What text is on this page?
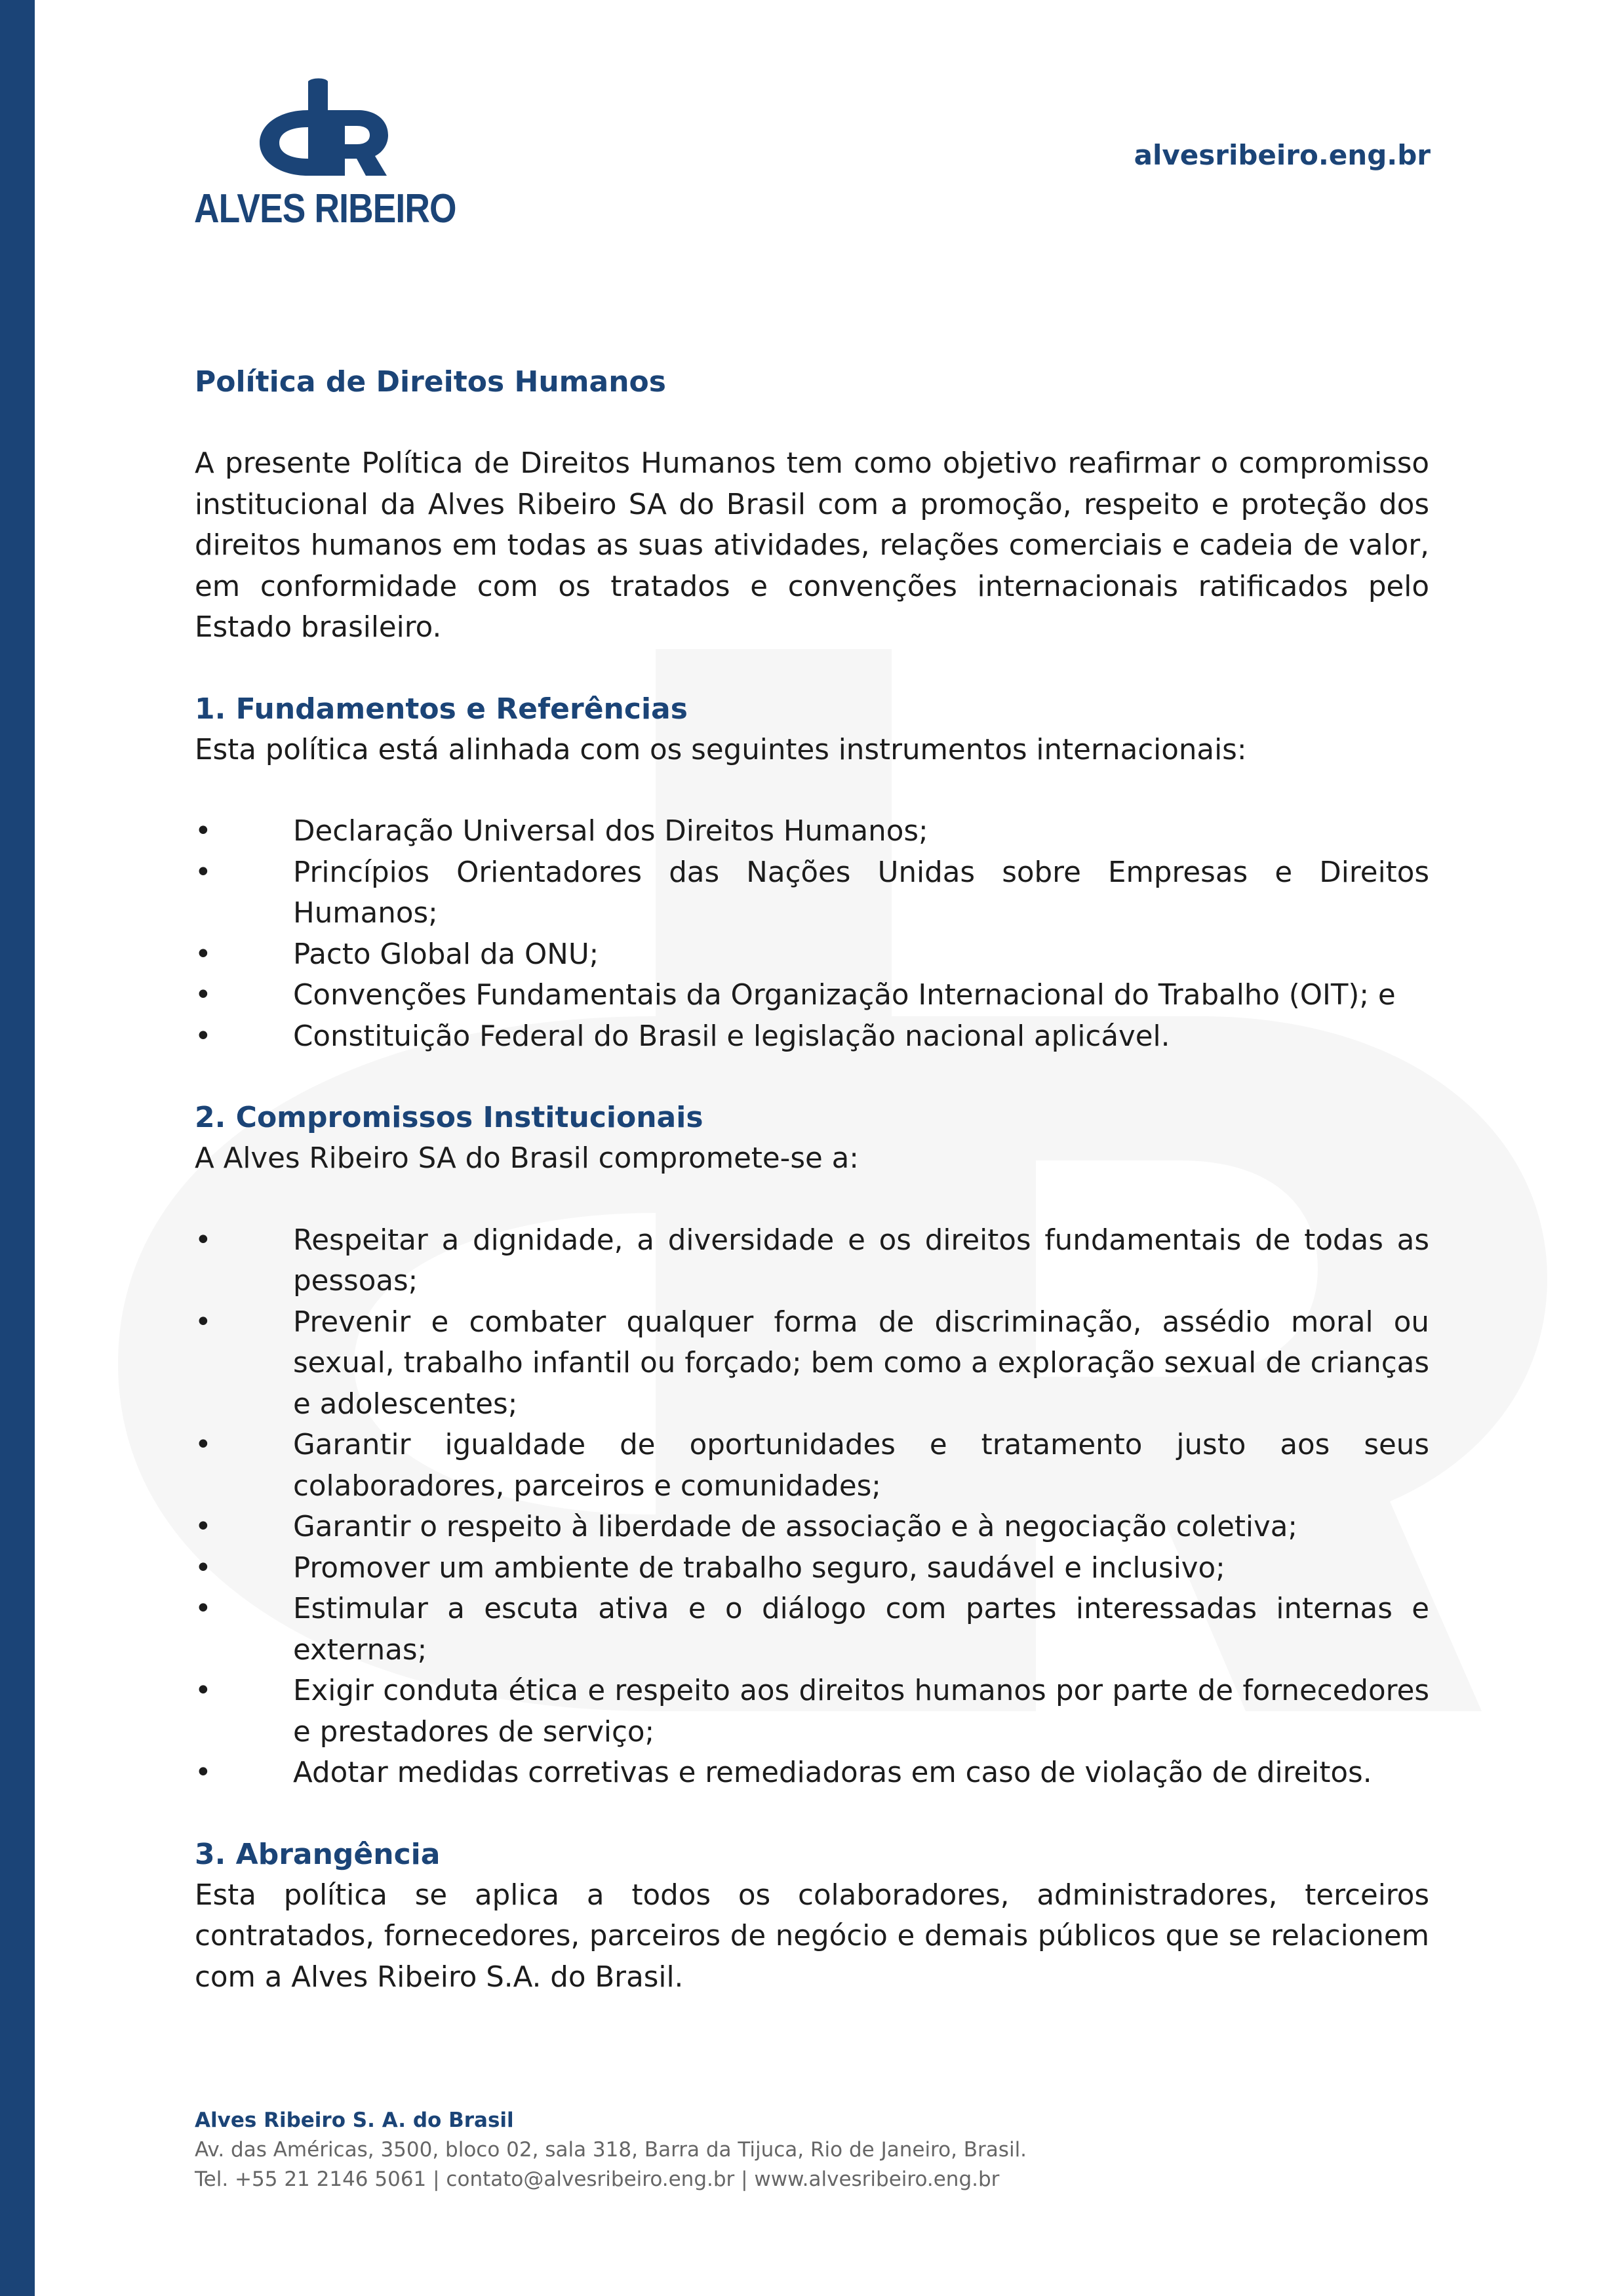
ALVES RIBEIRO
alvesribeiro.eng.br
Política de Direitos Humanos

A presente Política de Direitos Humanos tem como objetivo reafirmar o compromisso institucional da Alves Ribeiro SA do Brasil com a promoção, respeito e proteção dos direitos humanos em todas as suas atividades, relações comerciais e cadeia de valor, em conformidade com os tratados e convenções internacionais ratificados pelo Estado brasileiro.

1. Fundamentos e Referências

Esta política está alinhada com os seguintes instrumentos internacionais:

•	Declaração Universal dos Direitos Humanos;
•	Princípios Orientadores das Nações Unidas sobre Empresas e Direitos Humanos;
•	Pacto Global da ONU;
•	Convenções Fundamentais da Organização Internacional do Trabalho (OIT); e
•	Constituição Federal do Brasil e legislação nacional aplicável.
2. Compromissos Institucionais

A Alves Ribeiro SA do Brasil compromete-se a:

•	Respeitar a dignidade, a diversidade e os direitos fundamentais de todas as pessoas;
•	Prevenir e combater qualquer forma de discriminação, assédio moral ou sexual, trabalho infantil ou forçado; bem como a exploração sexual de crianças e adolescentes;
•	Garantir igualdade de oportunidades e tratamento justo aos seus colaboradores, parceiros e comunidades;
•	Garantir o respeito à liberdade de associação e à negociação coletiva;
•	Promover um ambiente de trabalho seguro, saudável e inclusivo;
•	Estimular a escuta ativa e o diálogo com partes interessadas internas e externas;
•	Exigir conduta ética e respeito aos direitos humanos por parte de fornecedores e prestadores de serviço;
•	Adotar medidas corretivas e remediadoras em caso de violação de direitos.
3. Abrangência

Esta política se aplica a todos os colaboradores, administradores, terceiros contratados, fornecedores, parceiros de negócio e demais públicos que se relacionem com a Alves Ribeiro S.A. do Brasil.

Alves Ribeiro S. A. do Brasil
Av. das Américas, 3500, bloco 02, sala 318, Barra da Tijuca, Rio de Janeiro, Brasil.
Tel. +55 21 2146 5061 | contato@alvesribeiro.eng.br | www.alvesribeiro.eng.br
